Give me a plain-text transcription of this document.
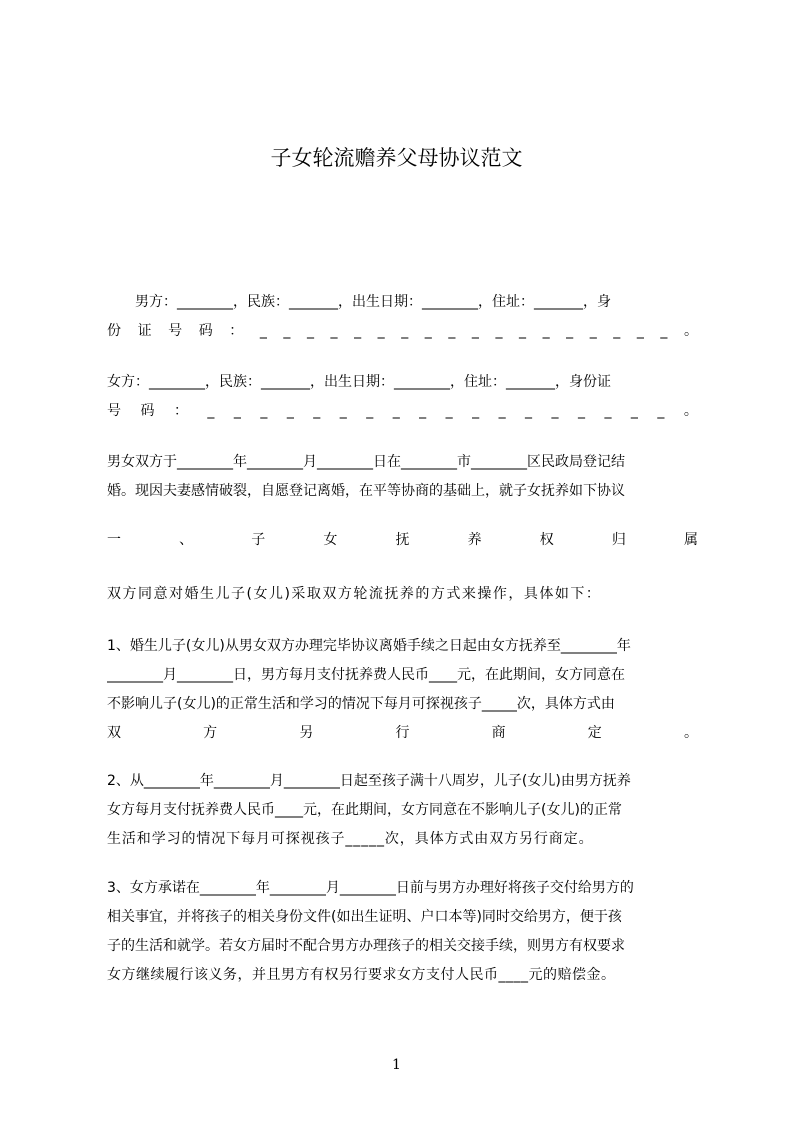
子女轮流赡养父母协议范文
　　男方：________，民族：_______，出生日期：________，住址：_______，身
份 证 号 码 ： _ _ _ _ _ _ _ _ _ _ _ _ _ _ _ _ _ _ 。
女方：________，民族：_______，出生日期：________，住址：_______，身份证
号 码 ： _ _ _ _ _ _ _ _ _ _ _ _ _ _ _ _ _ _ 。
男女双方于________年________月________日在________市________区民政局登记结
婚。现因夫妻感情破裂，自愿登记离婚，在平等协商的基础上，就子女抚养如下协议
一	、	子	女	抚	养	权	归	属
双方同意对婚生儿子(女儿)采取双方轮流抚养的方式来操作，具体如下：
1、婚生儿子(女儿)从男女双方办理完毕协议离婚手续之日起由女方抚养至________年
________月________日，男方每月支付抚养费人民币____元，在此期间，女方同意在
不影响儿子(女儿)的正常生活和学习的情况下每月可探视孩子_____次，具体方式由
双	方	另	行	商	定	。
2、从________年________月________日起至孩子满十八周岁，儿子(女儿)由男方抚养
女方每月支付抚养费人民币____元，在此期间，女方同意在不影响儿子(女儿)的正常
生活和学习的情况下每月可探视孩子_____次，具体方式由双方另行商定。
3、女方承诺在________年________月________日前与男方办理好将孩子交付给男方的
相关事宜，并将孩子的相关身份文件(如出生证明、户口本等)同时交给男方，便于孩
子的生活和就学。若女方届时不配合男方办理孩子的相关交接手续，则男方有权要求
女方继续履行该义务，并且男方有权另行要求女方支付人民币____元的赔偿金。
1
